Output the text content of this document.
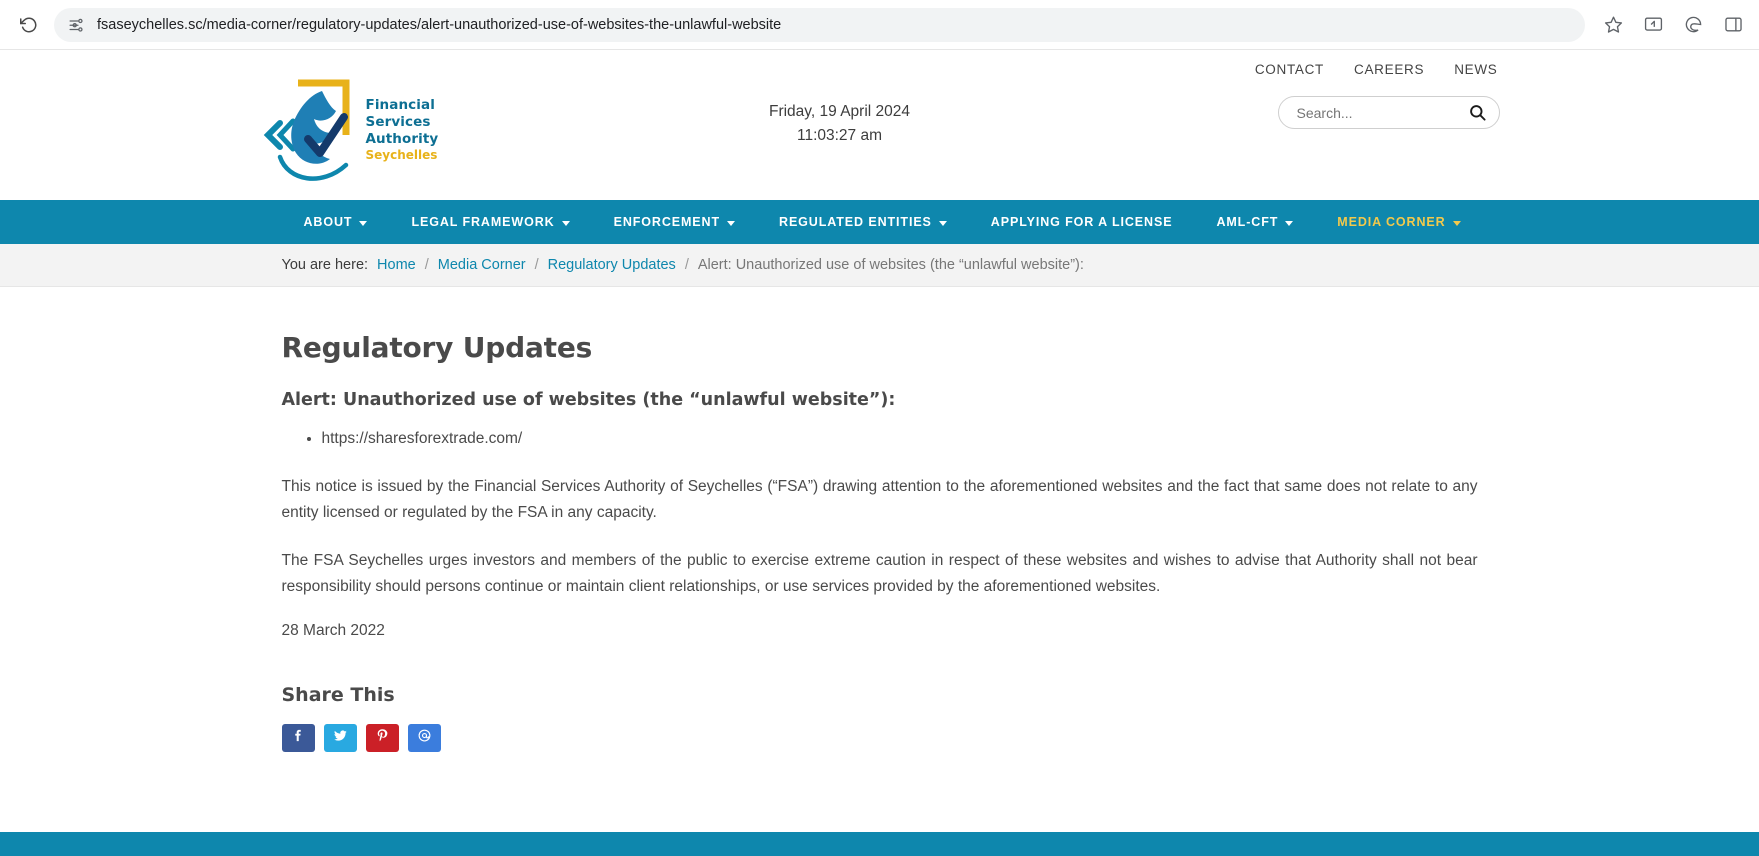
fsaseychelles.sc/media-corner/regulatory-updates/alert-unauthorized-use-of-websites-the-unlawful-website
Financial
Services
Authority
Seychelles
Friday, 19 April 2024
11:03:27 am
CONTACT CAREERS NEWS
Search...
ABOUT	LEGAL FRAMEWORK	ENFORCEMENT	REGULATED ENTITIES	APPLYING FOR A LICENSE	AML-CFT	MEDIA CORNER
You are here: Home / Media Corner / Regulatory Updates / Alert: Unauthorized use of websites (the “unlawful website”):
Regulatory Updates
Alert: Unauthorized use of websites (the “unlawful website”):
• https://sharesforextrade.com/

This notice is issued by the Financial Services Authority of Seychelles (“FSA”) drawing attention to the aforementioned websites and the fact that same does not relate to any entity licensed or regulated by the FSA in any capacity.

The FSA Seychelles urges investors and members of the public to exercise extreme caution in respect of these websites and wishes to advise that Authority shall not bear responsibility should persons continue or maintain client relationships, or use services provided by the aforementioned websites.

28 March 2022

Share This
